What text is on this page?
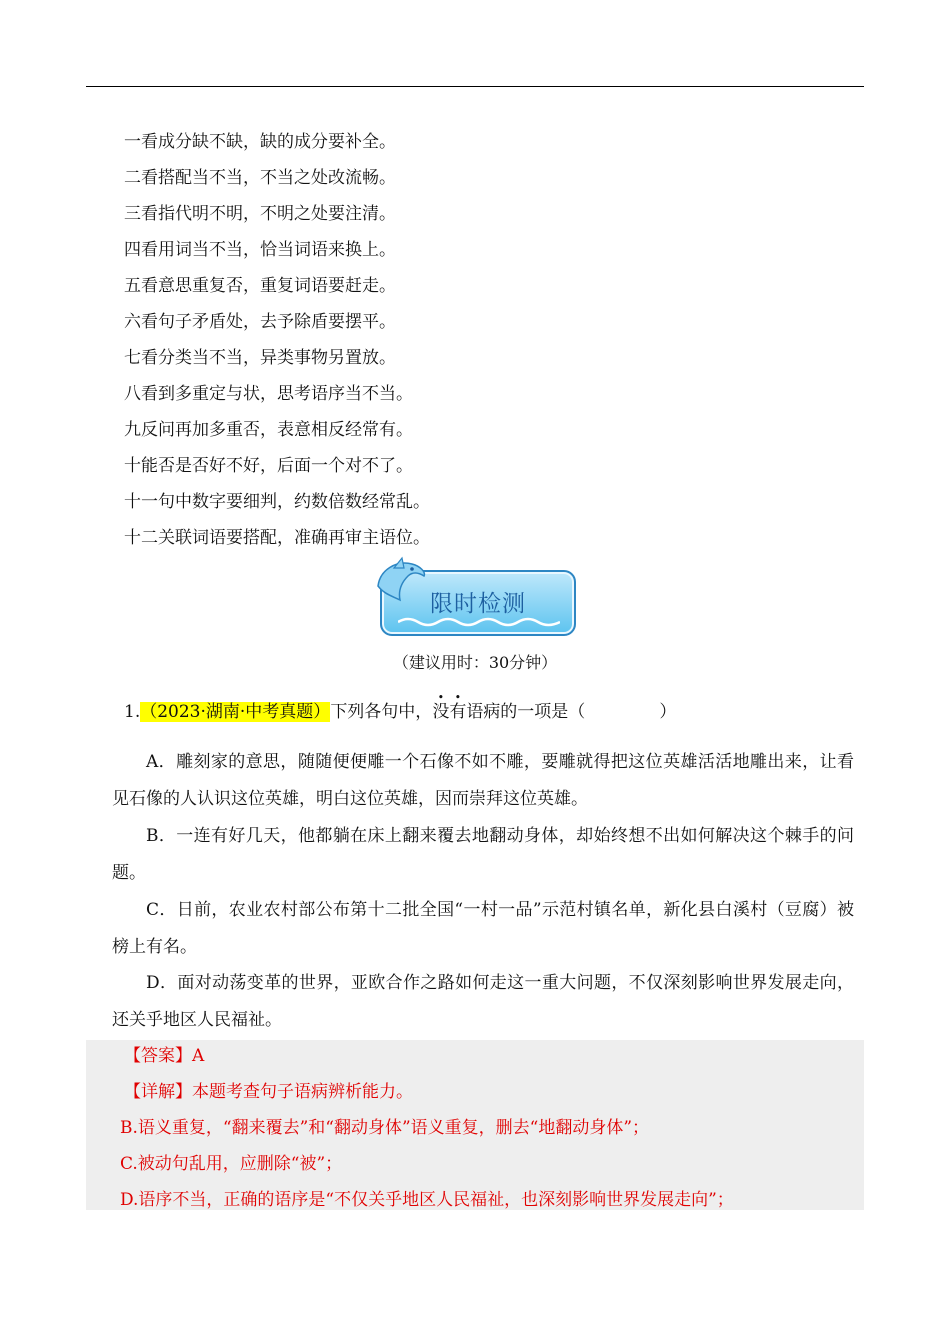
一看成分缺不缺，缺的成分要补全。
二看搭配当不当，不当之处改流畅。
三看指代明不明，不明之处要注清。
四看用词当不当，恰当词语来换上。
五看意思重复否，重复词语要赶走。
六看句子矛盾处，去予除盾要摆平。
七看分类当不当，异类事物另置放。
八看到多重定与状，思考语序当不当。
九反问再加多重否，表意相反经常有。
十能否是否好不好，后面一个对不了。
十一句中数字要细判，约数倍数经常乱。
十二关联词语要搭配，准确再审主语位。
限时检测
（建议用时：30分钟）
1.（2023·湖南·中考真题）下列各句中，没有语病的一项是（	）
A．雕刻家的意思，随随便便雕一个石像不如不雕，要雕就得把这位英雄活活地雕出来，让看见石像的人认识这位英雄，明白这位英雄，因而崇拜这位英雄。
B．一连有好几天，他都躺在床上翻来覆去地翻动身体，却始终想不出如何解决这个棘手的问题。
C．日前，农业农村部公布第十二批全国“一村一品”示范村镇名单，新化县白溪村（豆腐）被榜上有名。
D．面对动荡变革的世界，亚欧合作之路如何走这一重大问题，不仅深刻影响世界发展走向，还关乎地区人民福祉。
【答案】A
【详解】本题考查句子语病辨析能力。
B.语义重复，“翻来覆去”和“翻动身体”语义重复，删去“地翻动身体”；
C.被动句乱用，应删除“被”；
D.语序不当，正确的语序是“不仅关乎地区人民福祉，也深刻影响世界发展走向”；
